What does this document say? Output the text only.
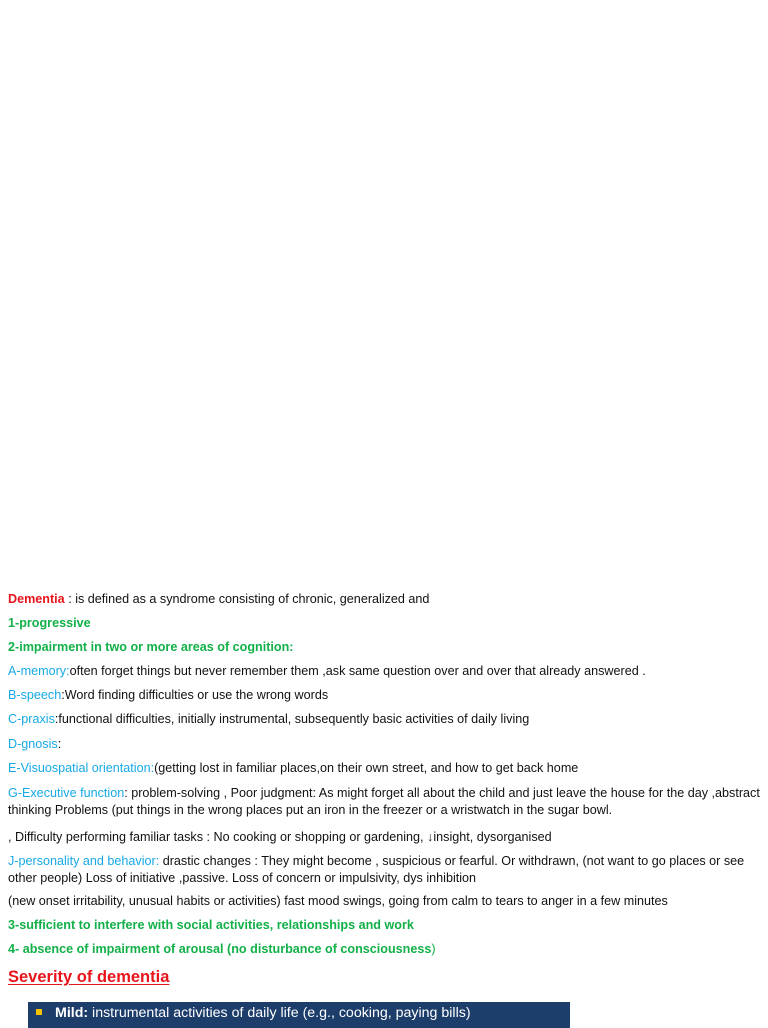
Dementia : is defined as a syndrome consisting of chronic, generalized and
1-progressive
2-impairment in two or more areas of cognition:
A-memory:often forget things but never remember them ,ask same question over and over that already answered .
B-speech:Word finding difficulties or use the wrong words
C-praxis:functional difficulties, initially instrumental, subsequently basic activities of daily living
D-gnosis:
E-Visuospatial orientation:(getting lost in familiar places,on their own street, and how to get back home
G-Executive function: problem-solving , Poor judgment: As might forget all about the child and just leave the house for the day ,abstract thinking Problems (put things in the wrong places put an iron in the freezer or a wristwatch in the sugar bowl.
, Difficulty performing familiar tasks : No cooking or shopping or gardening, ↓insight, dysorganised
J-personality and behavior: drastic changes : They might become , suspicious or fearful. Or withdrawn, (not want to go places or see other people) Loss of initiative ,passive. Loss of concern or impulsivity, dys inhibition
(new onset irritability, unusual habits or activities) fast mood swings, going from calm to tears to anger in a few minutes
3-sufficient to interfere with social activities, relationships and work
4- absence of impairment of arousal (no disturbance of consciousness)
Severity of dementia
Mild: instrumental activities of daily life (e.g., cooking, paying bills)
